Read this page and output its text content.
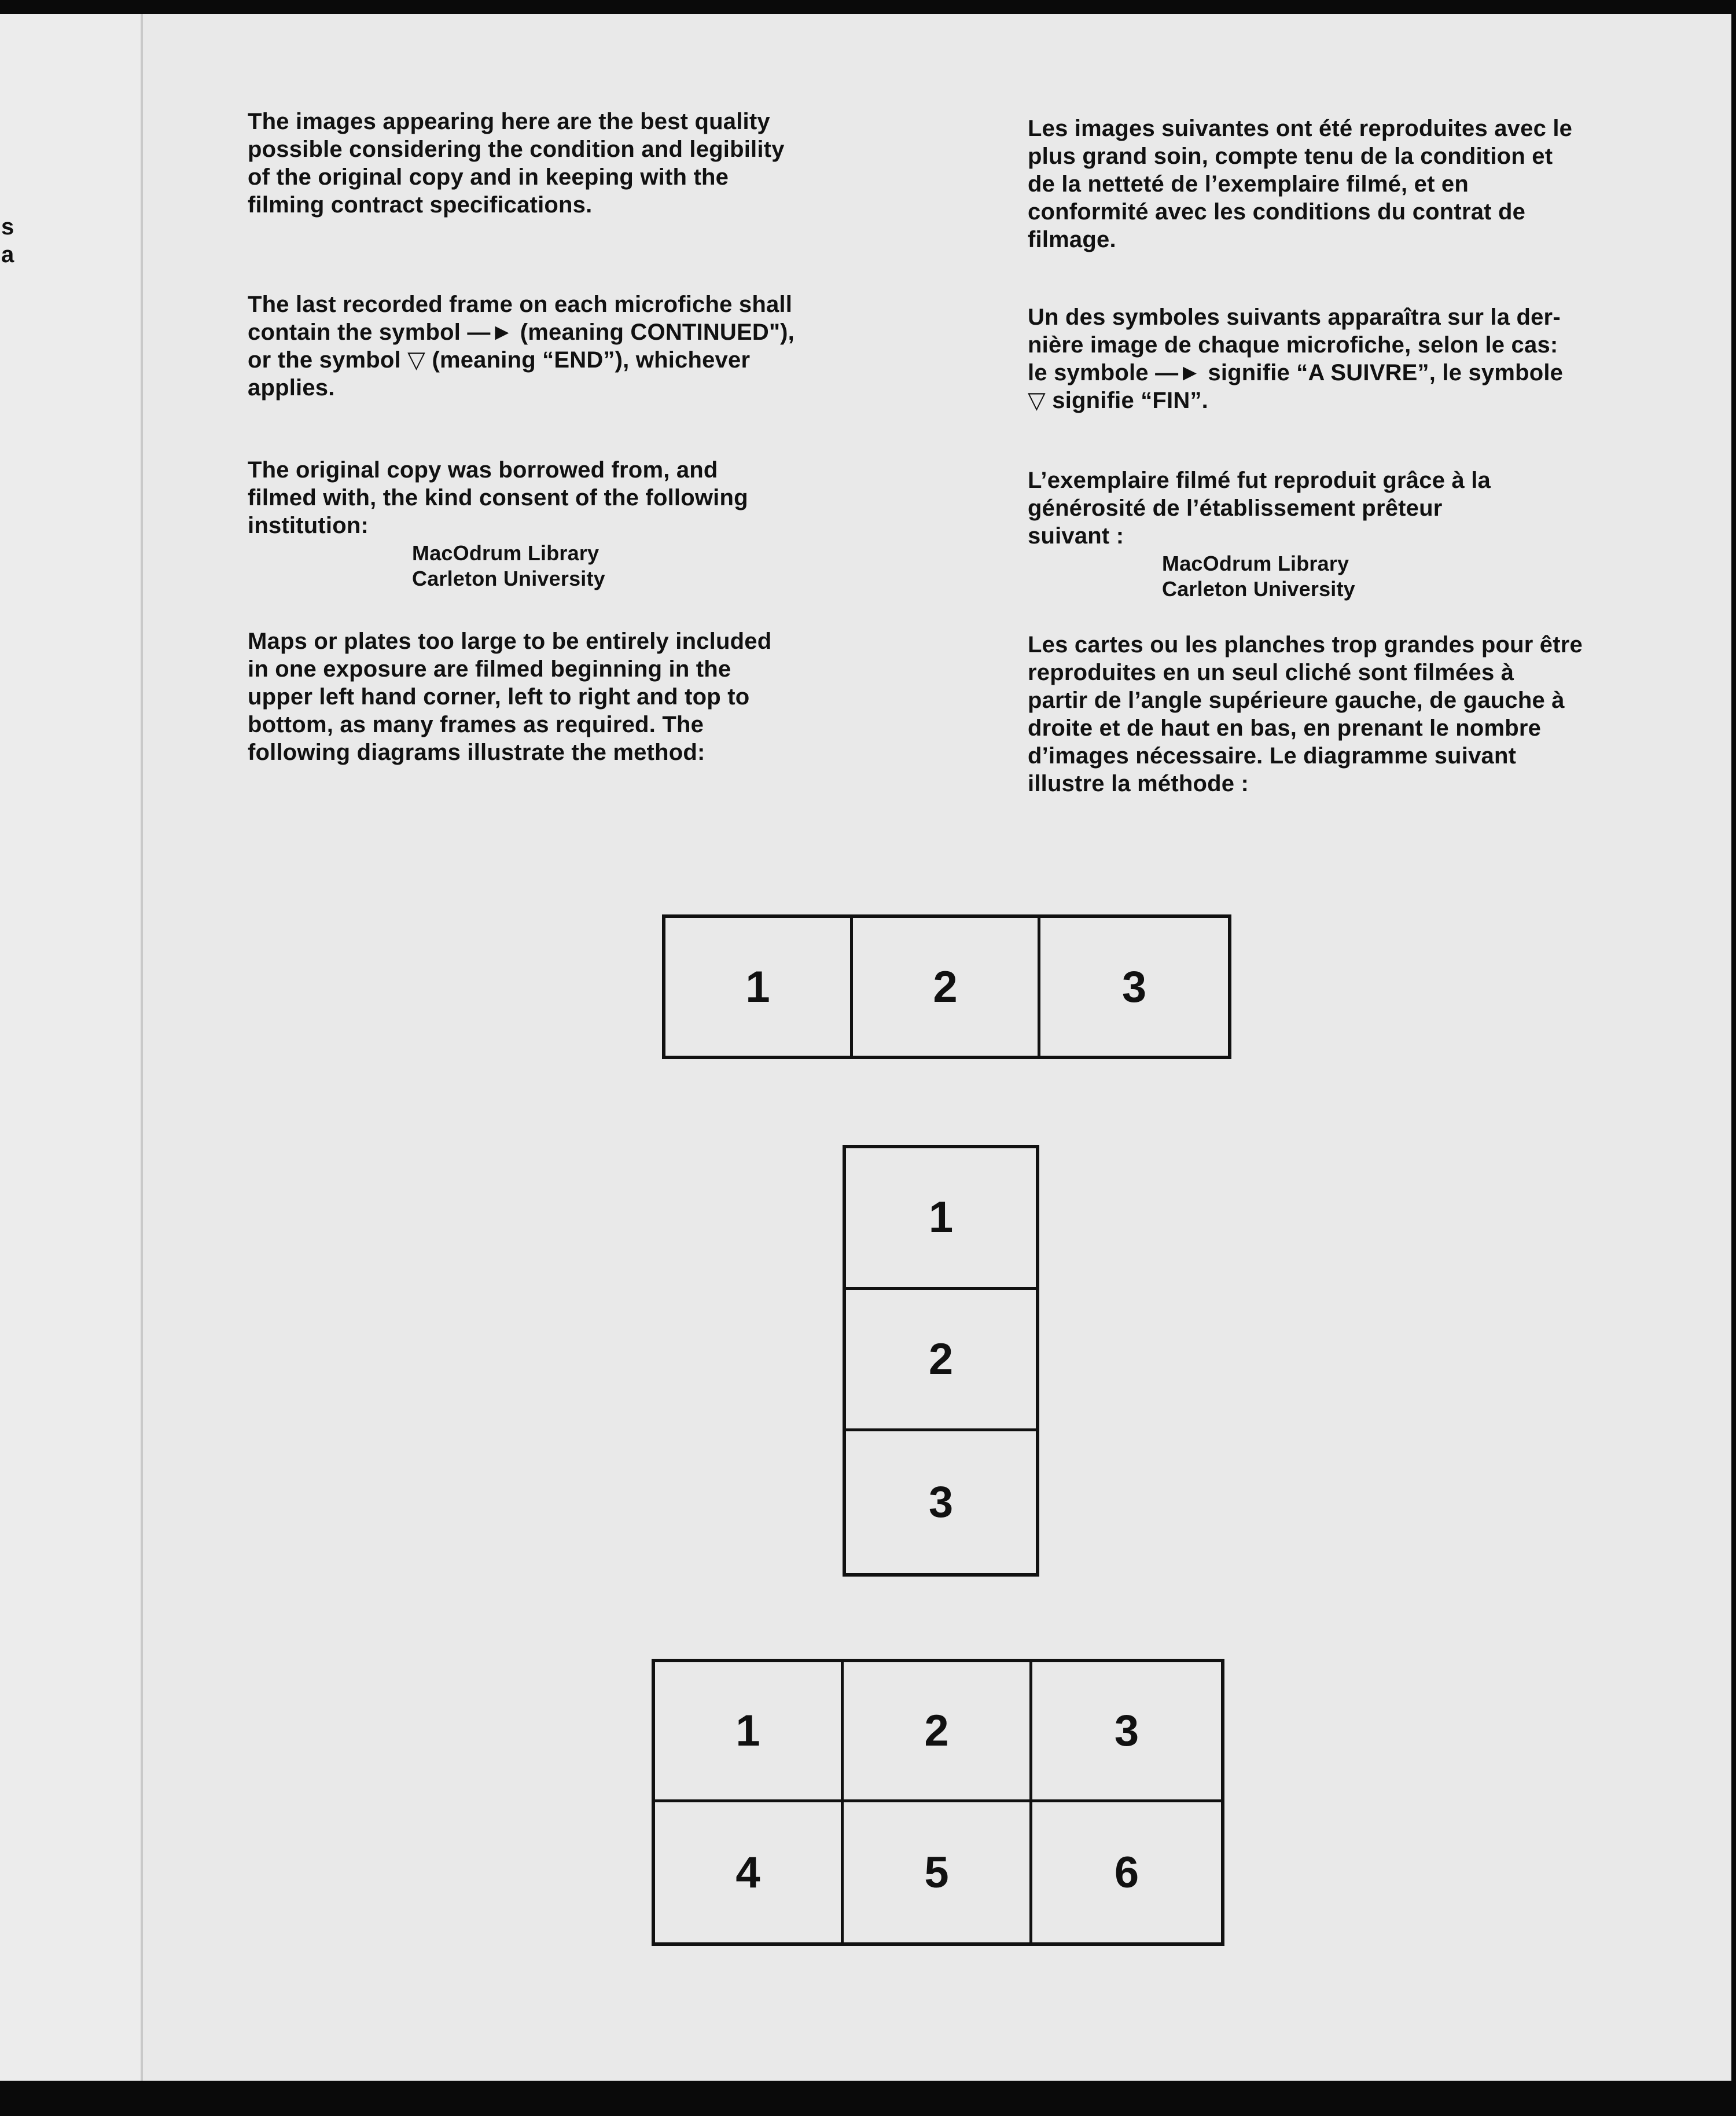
s
a

The images appearing here are the best quality
possible considering the condition and legibility
of the original copy and in keeping with the
filming contract specifications.

The last recorded frame on each microfiche shall
contain the symbol —► (meaning CONTINUED"),
or the symbol ▽ (meaning “END”), whichever
applies.

The original copy was borrowed from, and
filmed with, the kind consent of the following
institution:

MacOdrum Library
Carleton University

Maps or plates too large to be entirely included
in one exposure are filmed beginning in the
upper left hand corner, left to right and top to
bottom, as many frames as required. The
following diagrams illustrate the method:

Les images suivantes ont été reproduites avec le
plus grand soin, compte tenu de la condition et
de la netteté de l’exemplaire filmé, et en
conformité avec les conditions du contrat de
filmage.

Un des symboles suivants apparaîtra sur la der-
nière image de chaque microfiche, selon le cas:
le symbole —► signifie “A SUIVRE”, le symbole
▽ signifie “FIN”.

L’exemplaire filmé fut reproduit grâce à la
générosité de l’établissement prêteur
suivant :

MacOdrum Library
Carleton University

Les cartes ou les planches trop grandes pour être
reproduites en un seul cliché sont filmées à
partir de l’angle supérieure gauche, de gauche à
droite et de haut en bas, en prenant le nombre
d’images nécessaire. Le diagramme suivant
illustre la méthode :

1	2	3
1
2
3
1	2	3
4	5	6
